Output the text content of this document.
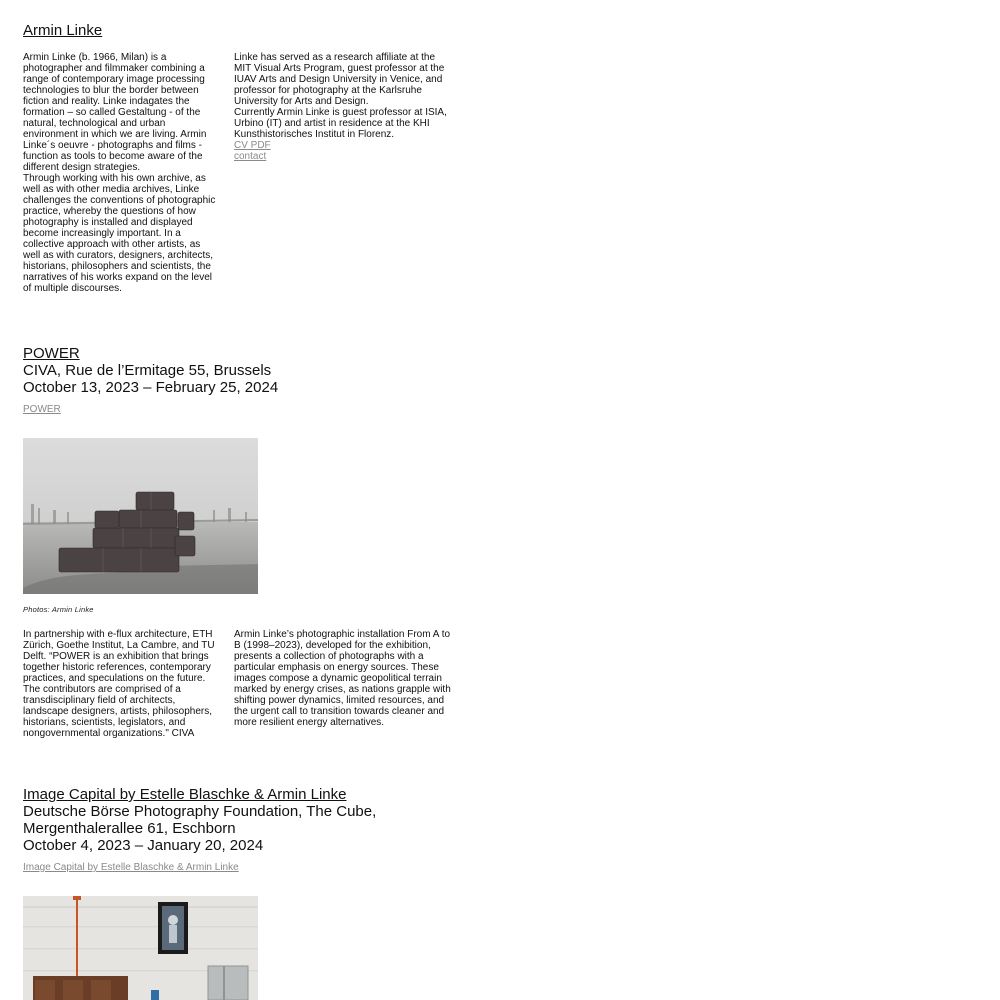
Armin Linke

Armin Linke (b. 1966, Milan) is a photographer and filmmaker combining a range of contemporary image processing technologies to blur the border between fiction and reality. Linke indagates the formation – so called Gestaltung - of the natural, technological and urban environment in which we are living. Armin Linke´s oeuvre - photographs and films - function as tools to become aware of the different design strategies.

Through working with his own archive, as well as with other media archives, Linke challenges the conventions of photographic practice, whereby the questions of how photography is installed and displayed become increasingly important. In a collective approach with other artists, as well as with curators, designers, architects, historians, philosophers and scientists, the narratives of his works expand on the level of multiple discourses.

Linke has served as a research affiliate at the MIT Visual Arts Program, guest professor at the IUAV Arts and Design University in Venice, and professor for photography at the Karlsruhe University for Arts and Design.

Currently Armin Linke is guest professor at ISIA, Urbino (IT) and artist in residence at the KHI Kunsthistorisches Institut in Florenz.

CV PDF
contact
POWER
CIVA, Rue de l’Ermitage 55, Brussels
October 13, 2023 – February 25, 2024
POWER
Photos: Armin Linke

In partnership with e-flux architecture, ETH Zürich, Goethe Institut, La Cambre, and TU Delft. “POWER is an exhibition that brings together historic references, contemporary practices, and speculations on the future. The contributors are comprised of a transdisciplinary field of architects, landscape designers, artists, philosophers, historians, scientists, legislators, and nongovernmental organizations." CIVA

Armin Linke’s photographic installation From A to B (1998–2023), developed for the exhibition, presents a collection of photographs with a particular emphasis on energy sources. These images compose a dynamic geopolitical terrain marked by energy crises, as nations grapple with shifting power dynamics, limited resources, and the urgent call to transition towards cleaner and more resilient energy alternatives.

Image Capital by Estelle Blaschke & Armin Linke
Deutsche Börse Photography Foundation, The Cube,
Mergenthalerallee 61, Eschborn
October 4, 2023 – January 20, 2024
Image Capital by Estelle Blaschke & Armin Linke
